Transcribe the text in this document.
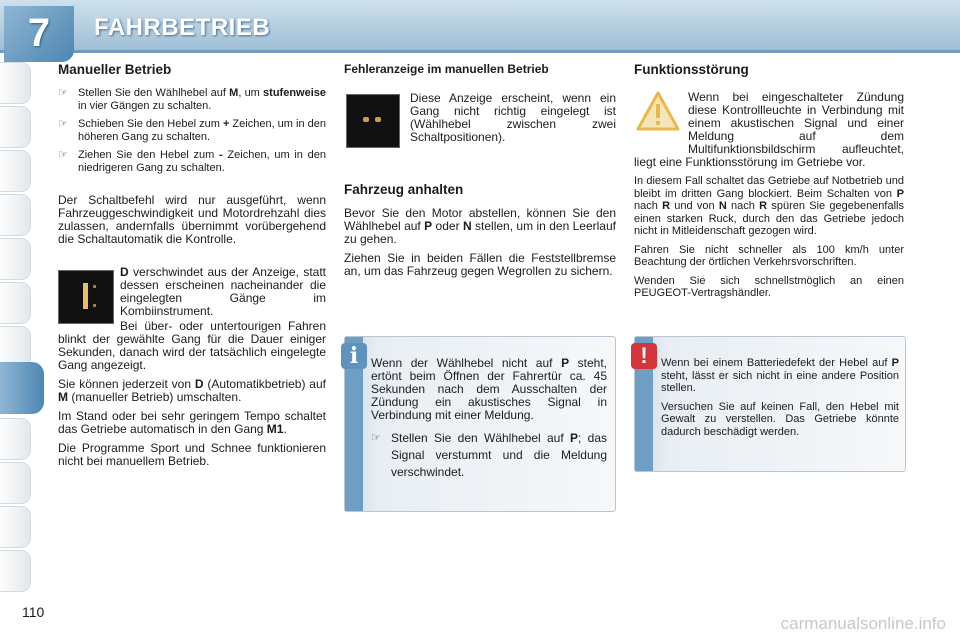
7	FAHRBETRIEB
Manueller Betrieb
☞ Stellen Sie den Wählhebel auf M, um stufenweise in vier Gängen zu schalten.
☞ Schieben Sie den Hebel zum + Zeichen, um in den höheren Gang zu schalten.
☞ Ziehen Sie den Hebel zum - Zeichen, um in den niedrigeren Gang zu schalten.

Der Schaltbefehl wird nur ausgeführt, wenn Fahrzeuggeschwindigkeit und Motordrehzahl dies zulassen, andernfalls übernimmt vorübergehend die Schaltautomatik die Kontrolle.

D verschwindet aus der Anzeige, statt dessen erscheinen nacheinander die eingelegten Gänge im Kombiinstrument.

Bei über- oder untertourigen Fahren blinkt der gewählte Gang für die Dauer einiger Sekunden, danach wird der tatsächlich eingelegte Gang angezeigt.

Sie können jederzeit von D (Automatikbetrieb) auf M (manueller Betrieb) umschalten.

Im Stand oder bei sehr geringem Tempo schaltet das Getriebe automatisch in den Gang M1.

Die Programme Sport und Schnee funktionieren nicht bei manuellem Betrieb.

Fehleranzeige im manuellen Betrieb

Diese Anzeige erscheint, wenn ein Gang nicht richtig eingelegt ist (Wählhebel zwischen zwei Schaltpositionen).

Fahrzeug anhalten

Bevor Sie den Motor abstellen, können Sie den Wählhebel auf P oder N stellen, um in den Leerlauf zu gehen.

Ziehen Sie in beiden Fällen die Feststellbremse an, um das Fahrzeug gegen Wegrollen zu sichern.

i	Wenn der Wählhebel nicht auf P steht, ertönt beim Öffnen der Fahrertür ca. 45 Sekunden nach dem Ausschalten der Zündung ein akustisches Signal in Verbindung mit einer Meldung.

☞ Stellen Sie den Wählhebel auf P; das Signal verstummt und die Meldung verschwindet.
Funktionsstörung

Wenn bei eingeschalteter Zündung diese Kontrollleuchte in Verbindung mit einem akustischen Signal und einer Meldung auf dem Multifunktionsbildschirm aufleuchtet, liegt eine Funktionsstörung im Getriebe vor.

In diesem Fall schaltet das Getriebe auf Notbetrieb und bleibt im dritten Gang blockiert. Beim Schalten von P nach R und von N nach R spüren Sie gegebenenfalls einen starken Ruck, durch den das Getriebe jedoch nicht in Mitleidenschaft gezogen wird.

Fahren Sie nicht schneller als 100 km/h unter Beachtung der örtlichen Verkehrsvorschriften.

Wenden Sie sich schnellstmöglich an einen PEUGEOT-Vertragshändler.

!	Wenn bei einem Batteriedefekt der Hebel auf P steht, lässt er sich nicht in eine andere Position stellen.

Versuchen Sie auf keinen Fall, den Hebel mit Gewalt zu verstellen. Das Getriebe könnte dadurch beschädigt werden.

110
carmanualsonline.info
